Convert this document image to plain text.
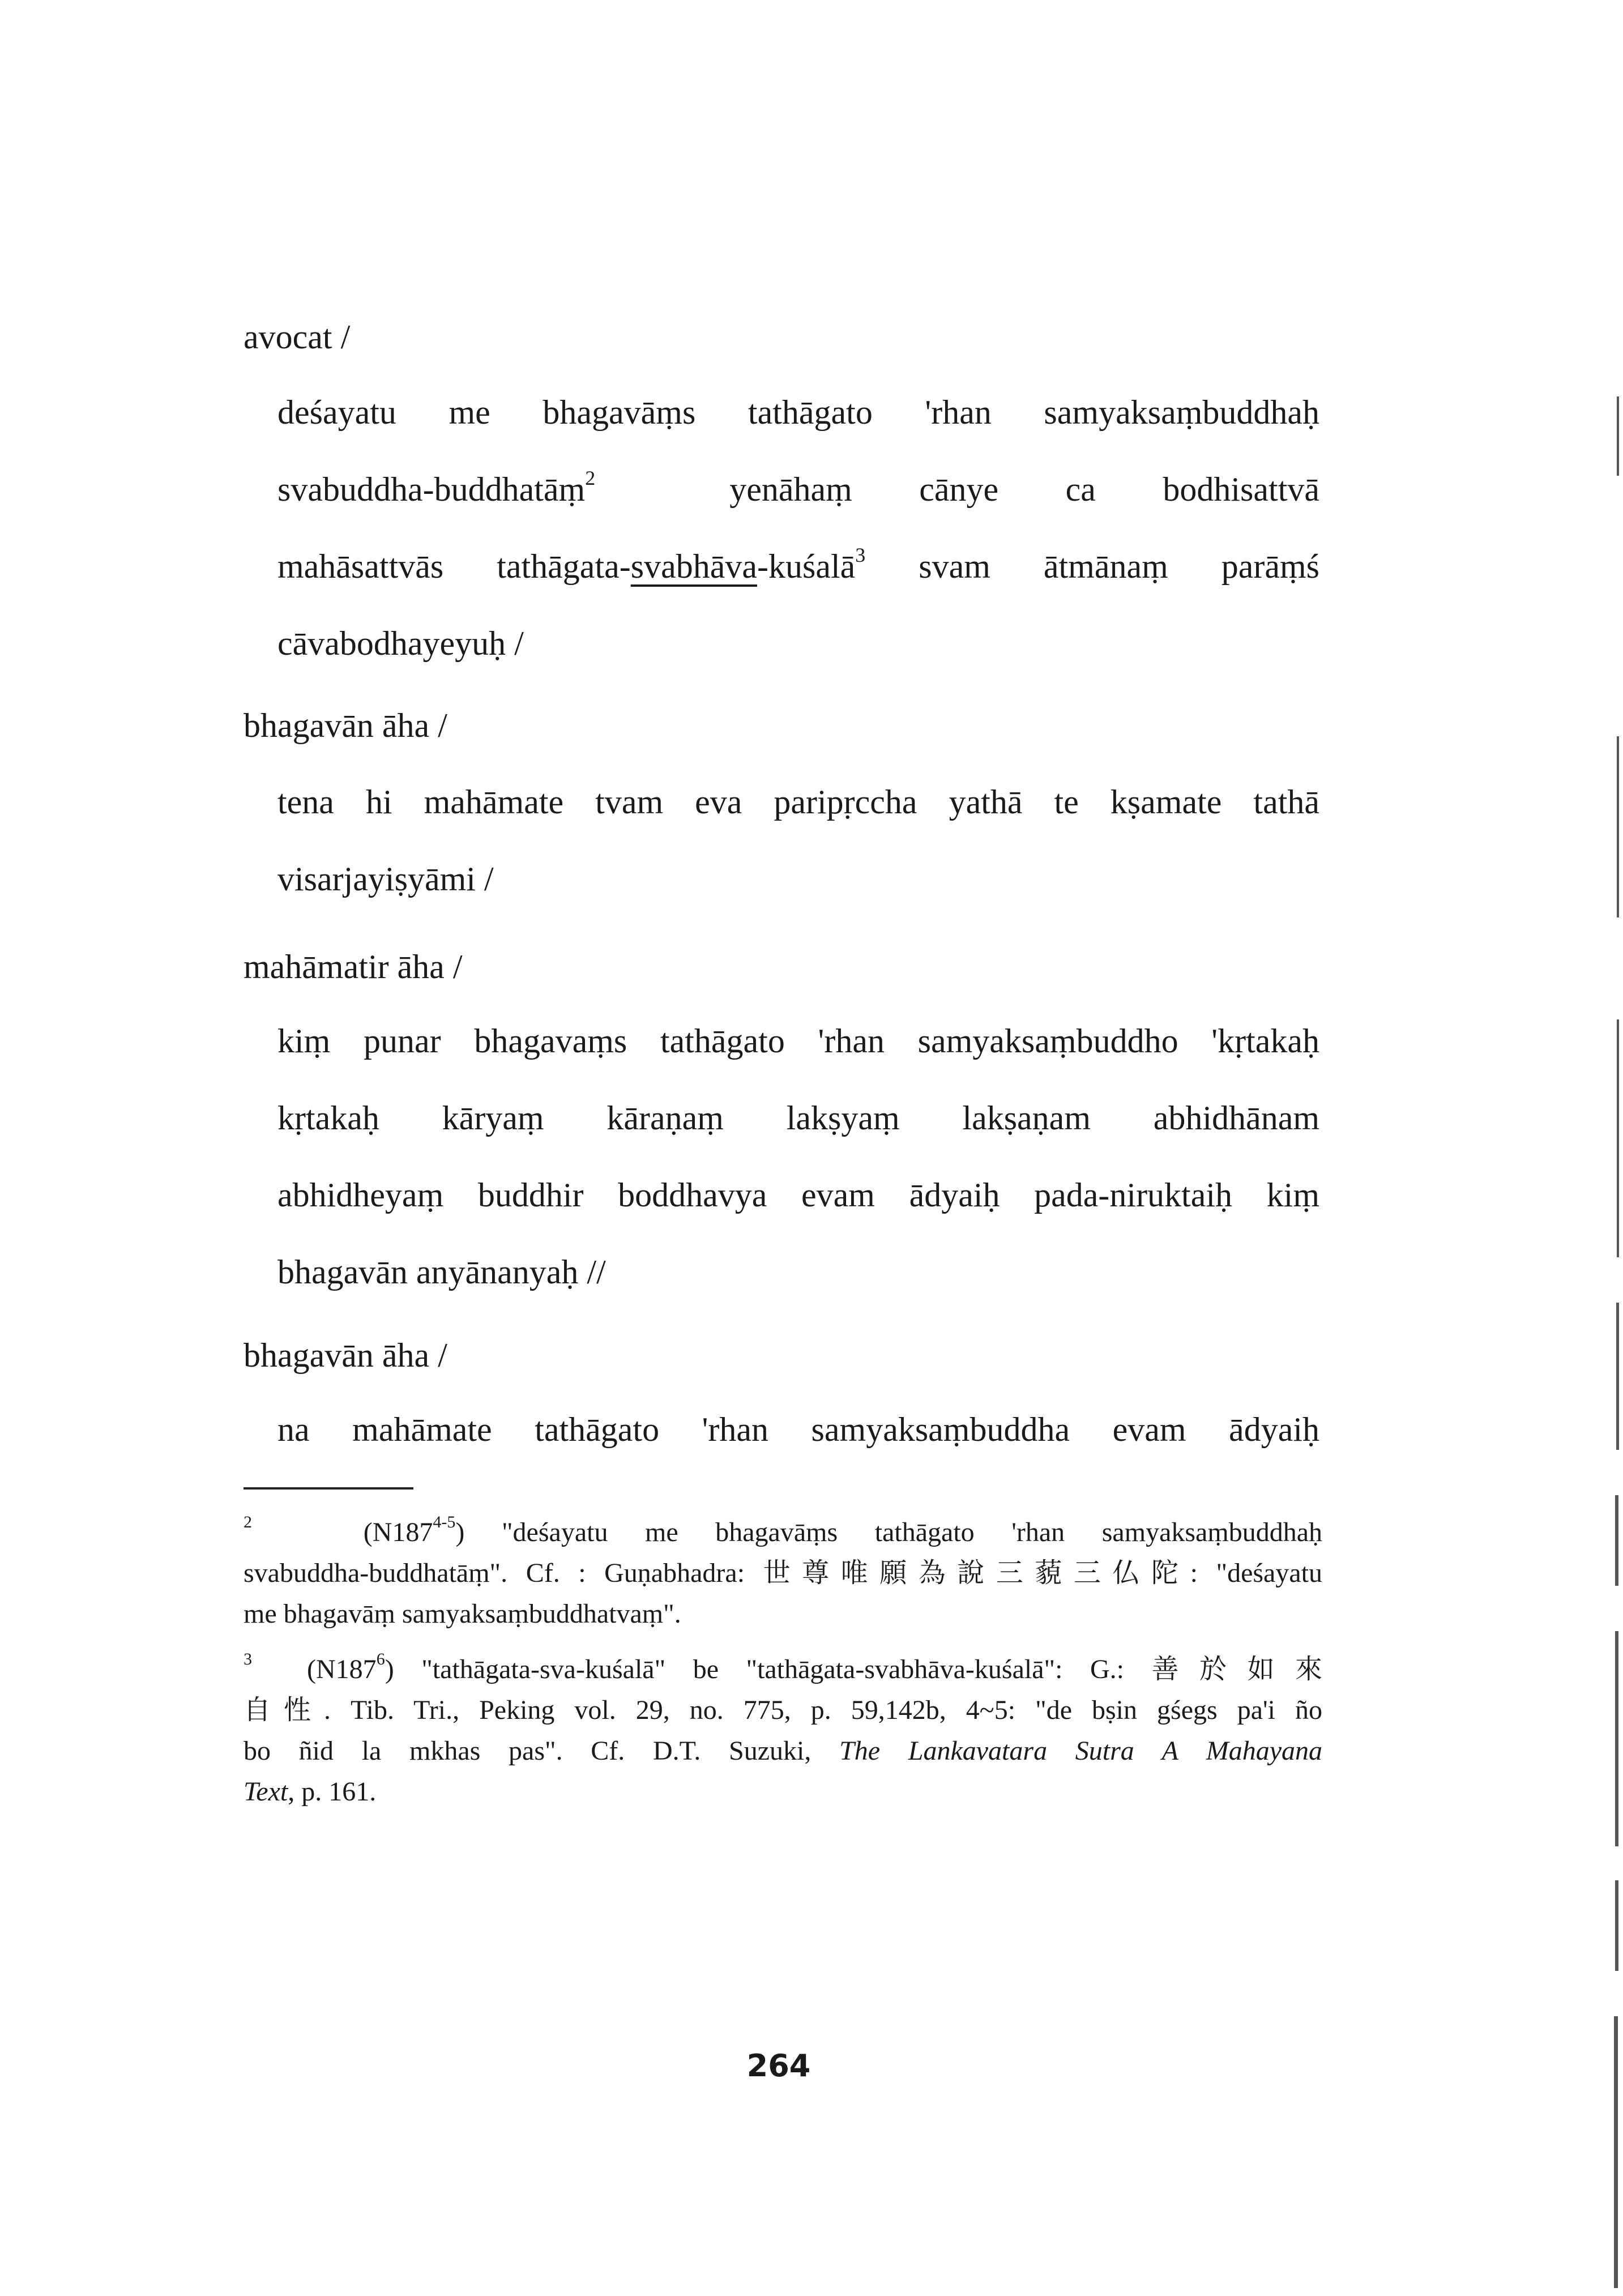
avocat /
deśayatu me bhagavāṃs tathāgato 'rhan samyaksaṃbuddhaḥ
svabuddha-buddhatāṃ$^2$	yenāhaṃ cānye ca bodhisattvā
mahāsattvās tathāgata-svabhāva-kuśalā$^3$ svam ātmānaṃ parāṃś
cāvabodhayeyuḥ /
bhagavān āha /
tena hi mahāmate tvam eva paripṛccha yathā te kṣamate tathā
visarjayiṣyāmi /
mahāmatir āha /
kiṃ punar bhagavaṃs tathāgato 'rhan samyaksaṃbuddho 'kṛtakaḥ
kṛtakaḥ kāryaṃ kāraṇaṃ lakṣyaṃ lakṣaṇam abhidhānam
abhidheyaṃ buddhir boddhavya evam ādyaiḥ pada-niruktaiḥ kiṃ
bhagavān anyānanyaḥ //
bhagavān āha /
na mahāmate tathāgato 'rhan samyaksaṃbuddha evam ādyaiḥ
$^2$	(N187$^{4-5}$) "deśayatu me bhagavāṃs tathāgato 'rhan samyaksaṃbuddhaḥ
svabuddha-buddhatāṃ". Cf. : Guṇabhadra: 世尊唯願為說三藐三仏陀: "deśayatu
me bhagavāṃ samyaksaṃbuddhatvaṃ".
$^3$ $(N187^6)$ "tathāgata-sva-kuśalā" be "tathāgata-svabhāva-kuśalā": G.: 善於如來
自性. Tib. Tri., Peking vol. 29, no. 775, p. 59,142b, 4~5: "de bṣin gśegs pa'i ño
bo ñid la mkhas pas". Cf. D.T. Suzuki, The Lankavatara Sutra A Mahayana
Text, p. 161.
264
